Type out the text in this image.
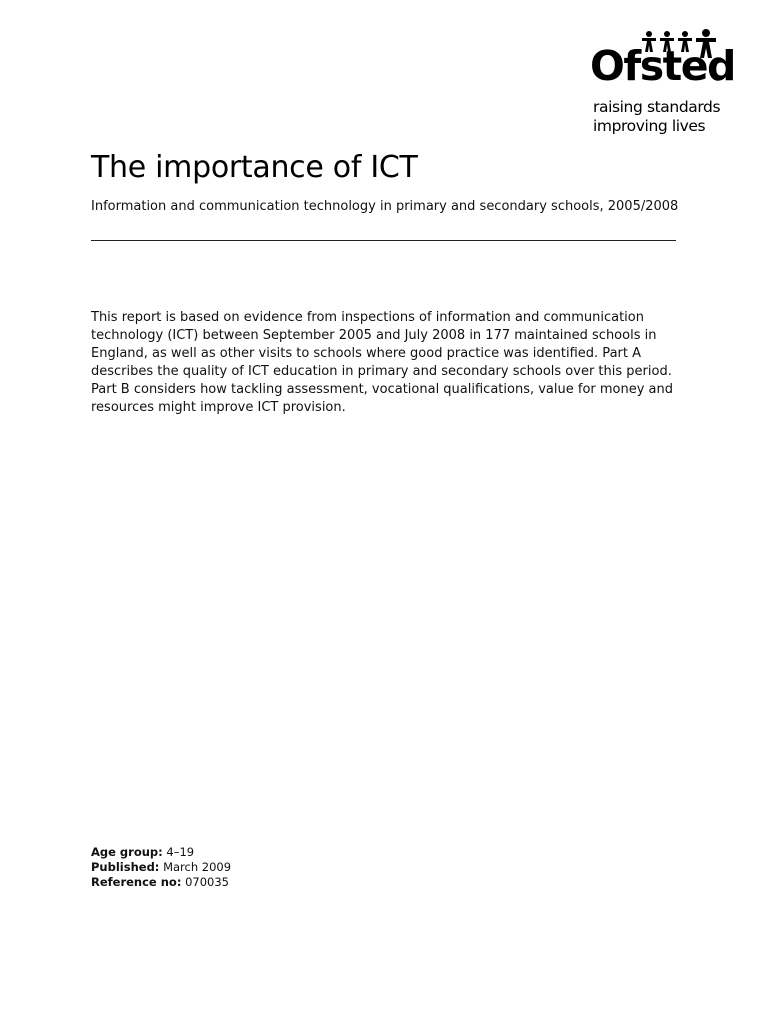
Ofsted
raising standards
improving lives
The importance of ICT

Information and communication technology in primary and secondary schools, 2005/2008

This report is based on evidence from inspections of information and communication technology (ICT) between September 2005 and July 2008 in 177 maintained schools in England, as well as other visits to schools where good practice was identified. Part A describes the quality of ICT education in primary and secondary schools over this period. Part B considers how tackling assessment, vocational qualifications, value for money and resources might improve ICT provision.

Age group: 4–19
Published: March 2009
Reference no: 070035
